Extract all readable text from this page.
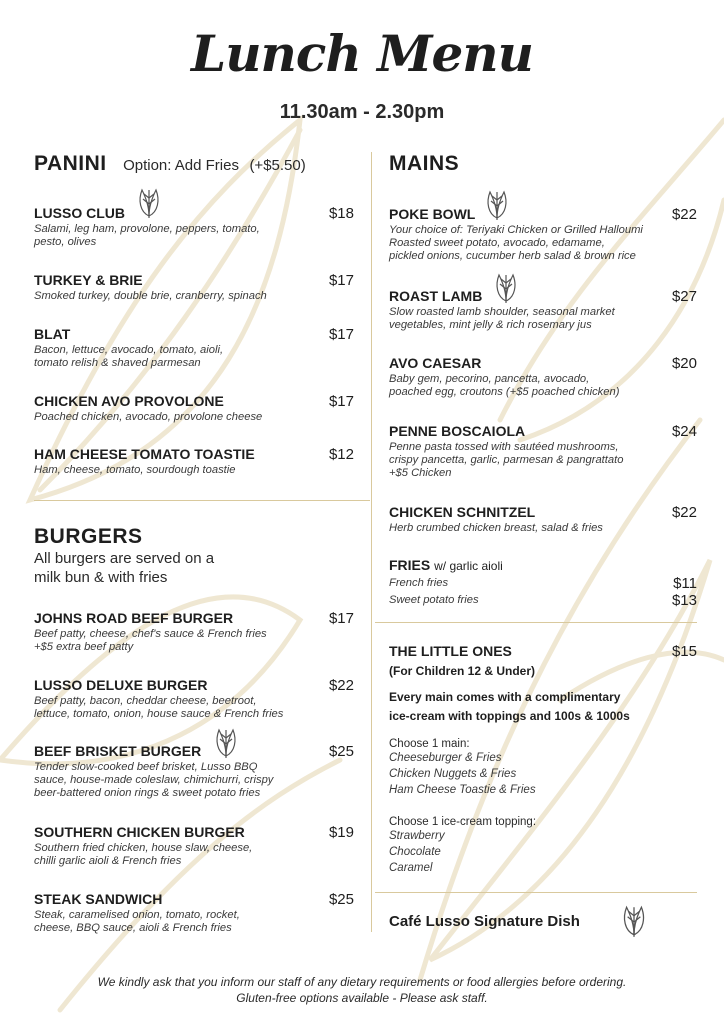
Lunch Menu
11.30am - 2.30pm
PANINI Option: Add Fries (+$5.50)
LUSSO CLUB	$18
Salami, leg ham, provolone, peppers, tomato,
pesto, olives
TURKEY & BRIE	$17
Smoked turkey, double brie, cranberry, spinach
BLAT	$17
Bacon, lettuce, avocado, tomato, aioli,
tomato relish & shaved parmesan
CHICKEN AVO PROVOLONE	$17
Poached chicken, avocado, provolone cheese
HAM CHEESE TOMATO TOASTIE	$12
Ham, cheese, tomato, sourdough toastie
BURGERS
All burgers are served on a
milk bun & with fries
JOHNS ROAD BEEF BURGER	$17
Beef patty, cheese, chef's sauce & French fries
+$5 extra beef patty
LUSSO DELUXE BURGER	$22
Beef patty, bacon, cheddar cheese, beetroot,
lettuce, tomato, onion, house sauce & French fries
BEEF BRISKET BURGER	$25
Tender slow-cooked beef brisket, Lusso BBQ
sauce, house-made coleslaw, chimichurri, crispy
beer-battered onion rings & sweet potato fries
SOUTHERN CHICKEN BURGER	$19
Southern fried chicken, house slaw, cheese,
chilli garlic aioli & French fries
STEAK SANDWICH	$25
Steak, caramelised onion, tomato, rocket,
cheese, BBQ sauce, aioli & French fries
MAINS
POKE BOWL	$22
Your choice of: Teriyaki Chicken or Grilled Halloumi
Roasted sweet potato, avocado, edamame,
pickled onions, cucumber herb salad & brown rice
ROAST LAMB	$27
Slow roasted lamb shoulder, seasonal market
vegetables, mint jelly & rich rosemary jus
AVO CAESAR	$20
Baby gem, pecorino, pancetta, avocado,
poached egg, croutons (+$5 poached chicken)
PENNE BOSCAIOLA	$24
Penne pasta tossed with sautéed mushrooms,
crispy pancetta, garlic, parmesan & pangrattato
+$5 Chicken
CHICKEN SCHNITZEL	$22
Herb crumbed chicken breast, salad & fries
FRIES w/ garlic aioli
French fries	$11
Sweet potato fries	$13
THE LITTLE ONES	$15
(For Children 12 & Under)
Every main comes with a complimentary
ice-cream with toppings and 100s & 1000s
Choose 1 main:
Cheeseburger & Fries
Chicken Nuggets & Fries
Ham Cheese Toastie & Fries
Choose 1 ice-cream topping:
Strawberry
Chocolate
Caramel
Café Lusso Signature Dish
We kindly ask that you inform our staff of any dietary requirements or food allergies before ordering.
Gluten-free options available - Please ask staff.
